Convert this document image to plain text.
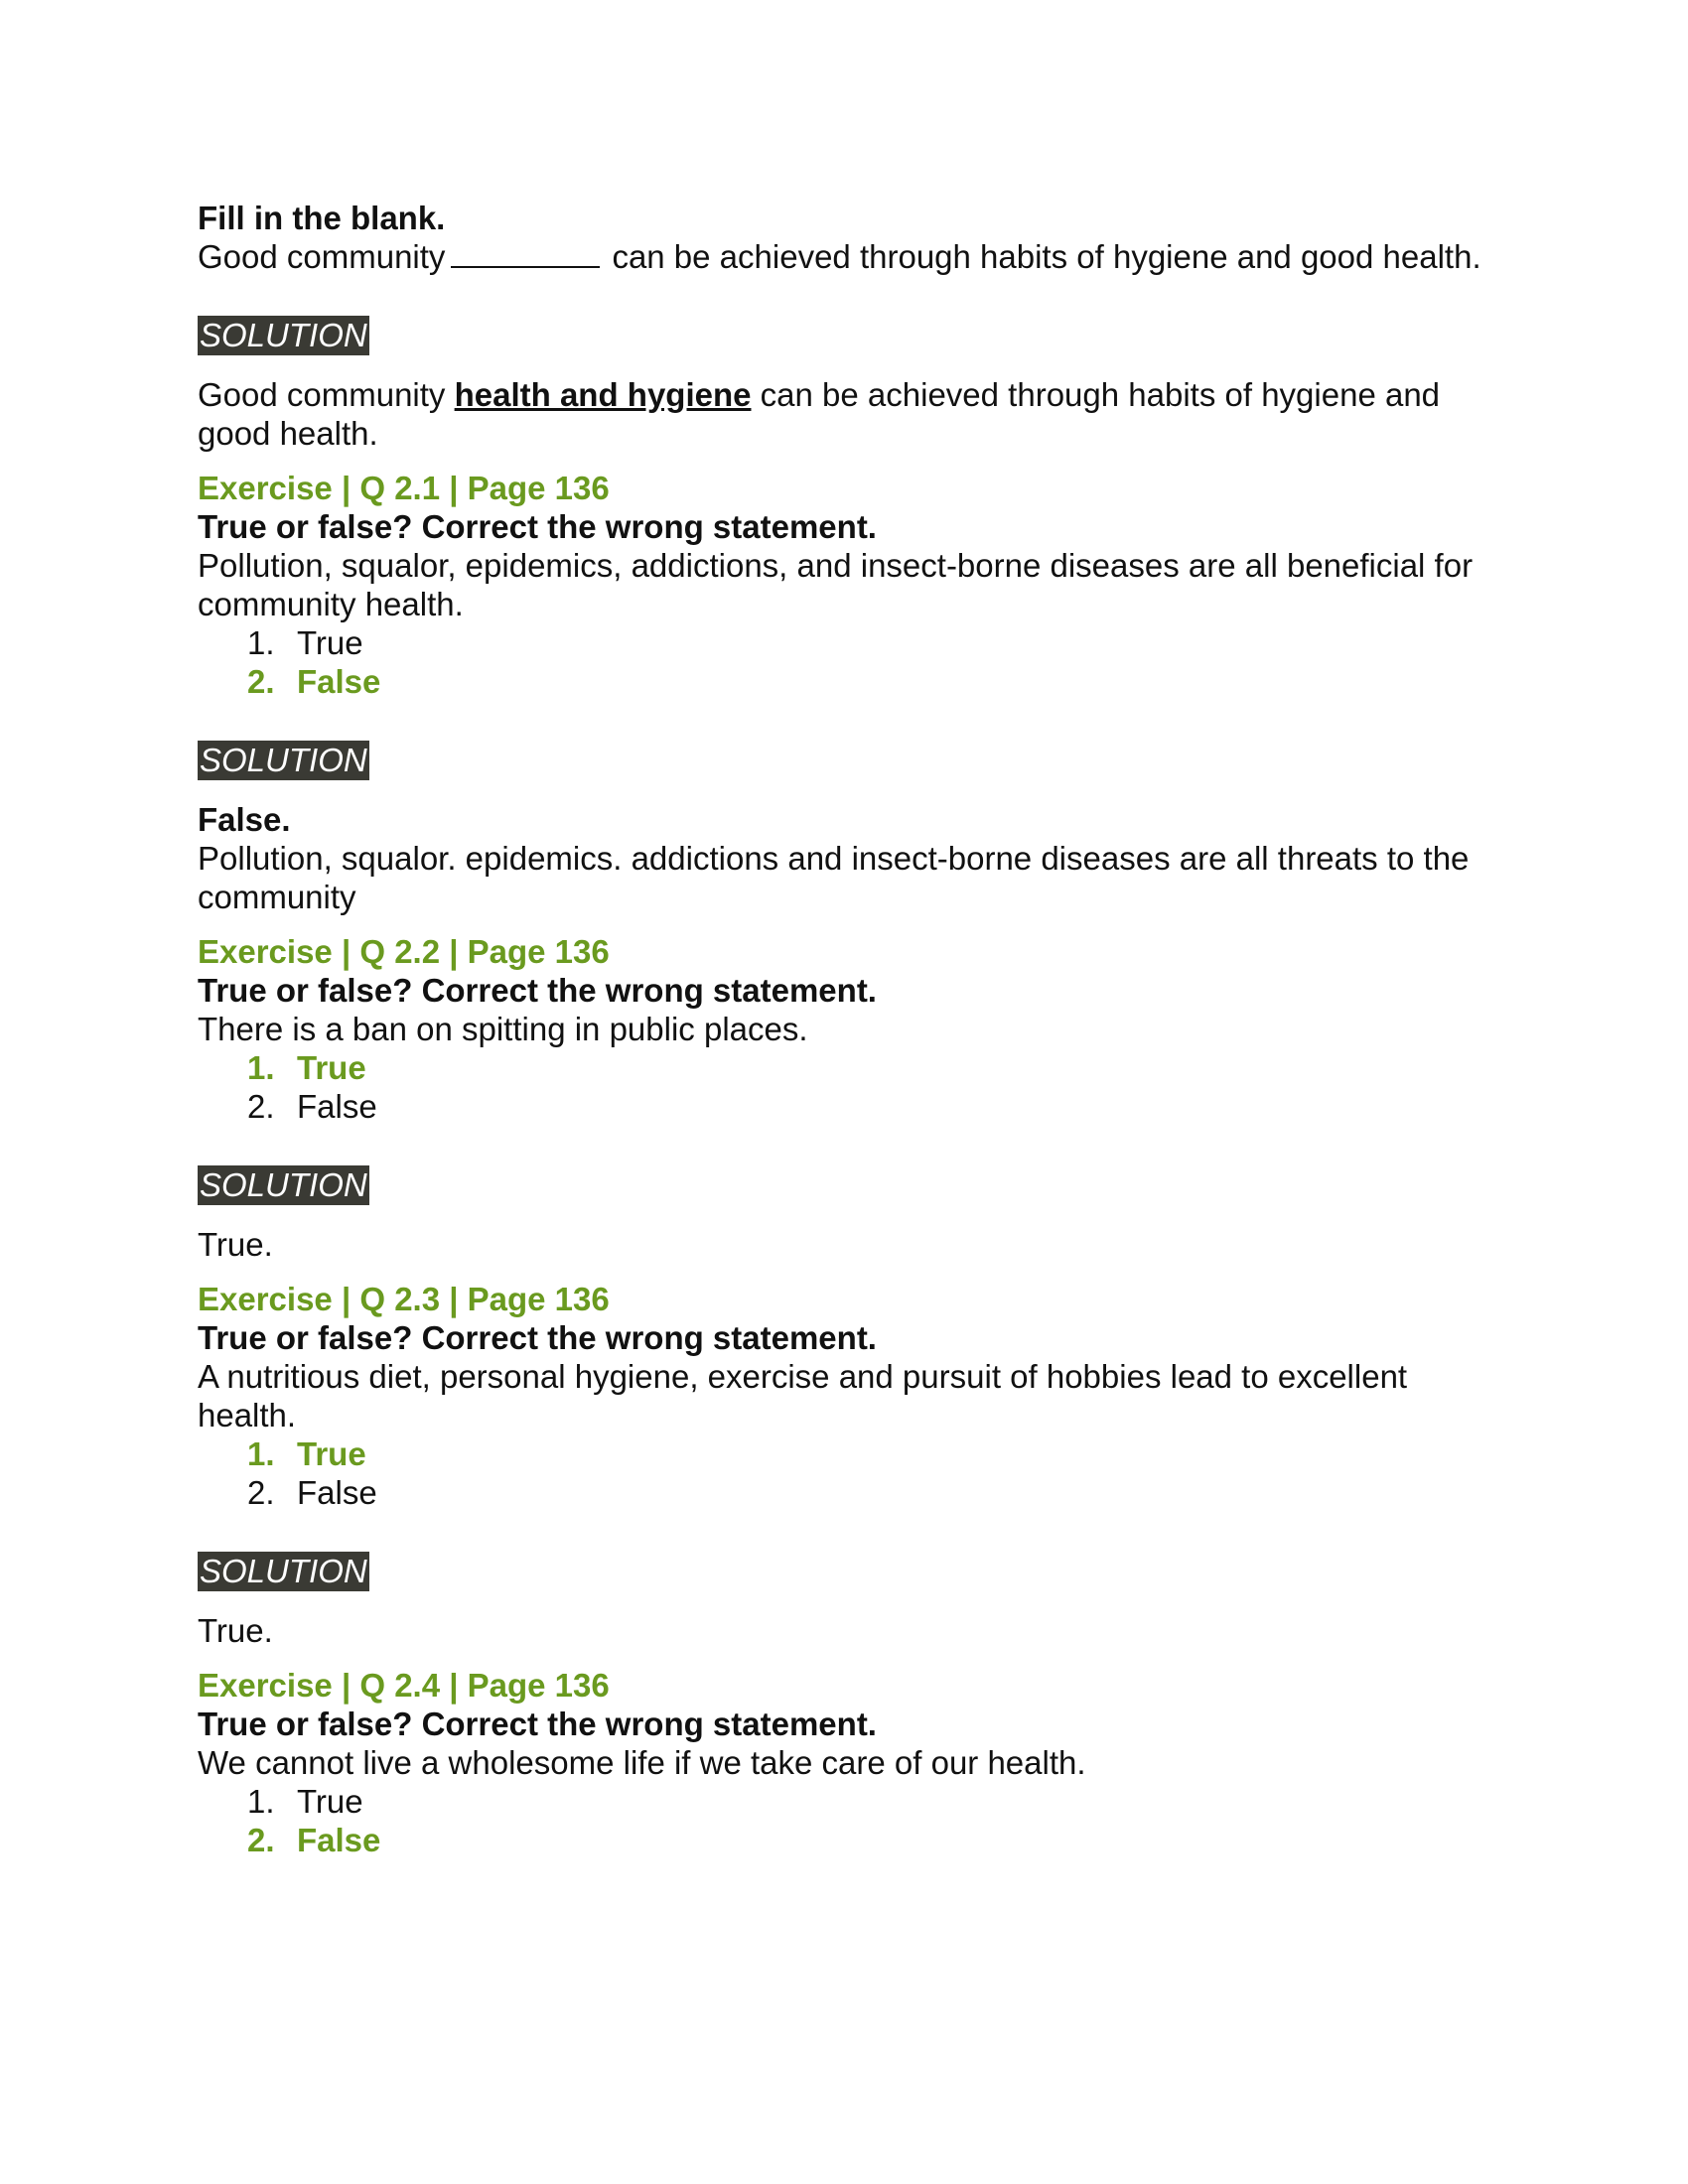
Fill in the blank.

Good community	can be achieved through habits of hygiene and good health.

SOLUTION

Good community health and hygiene can be achieved through habits of hygiene and good health.

Exercise | Q 2.1 | Page 136

True or false? Correct the wrong statement.

Pollution, squalor, epidemics, addictions, and insect-borne diseases are all beneficial for community health.

1. True
2. False
SOLUTION

False.

Pollution, squalor. epidemics. addictions and insect-borne diseases are all threats to the community

Exercise | Q 2.2 | Page 136

True or false? Correct the wrong statement.

There is a ban on spitting in public places.

1. True
2. False
SOLUTION

True.

Exercise | Q 2.3 | Page 136

True or false? Correct the wrong statement.

A nutritious diet, personal hygiene, exercise and pursuit of hobbies lead to excellent health.

1. True
2. False
SOLUTION

True.

Exercise | Q 2.4 | Page 136

True or false? Correct the wrong statement.

We cannot live a wholesome life if we take care of our health.

1. True
2. False
